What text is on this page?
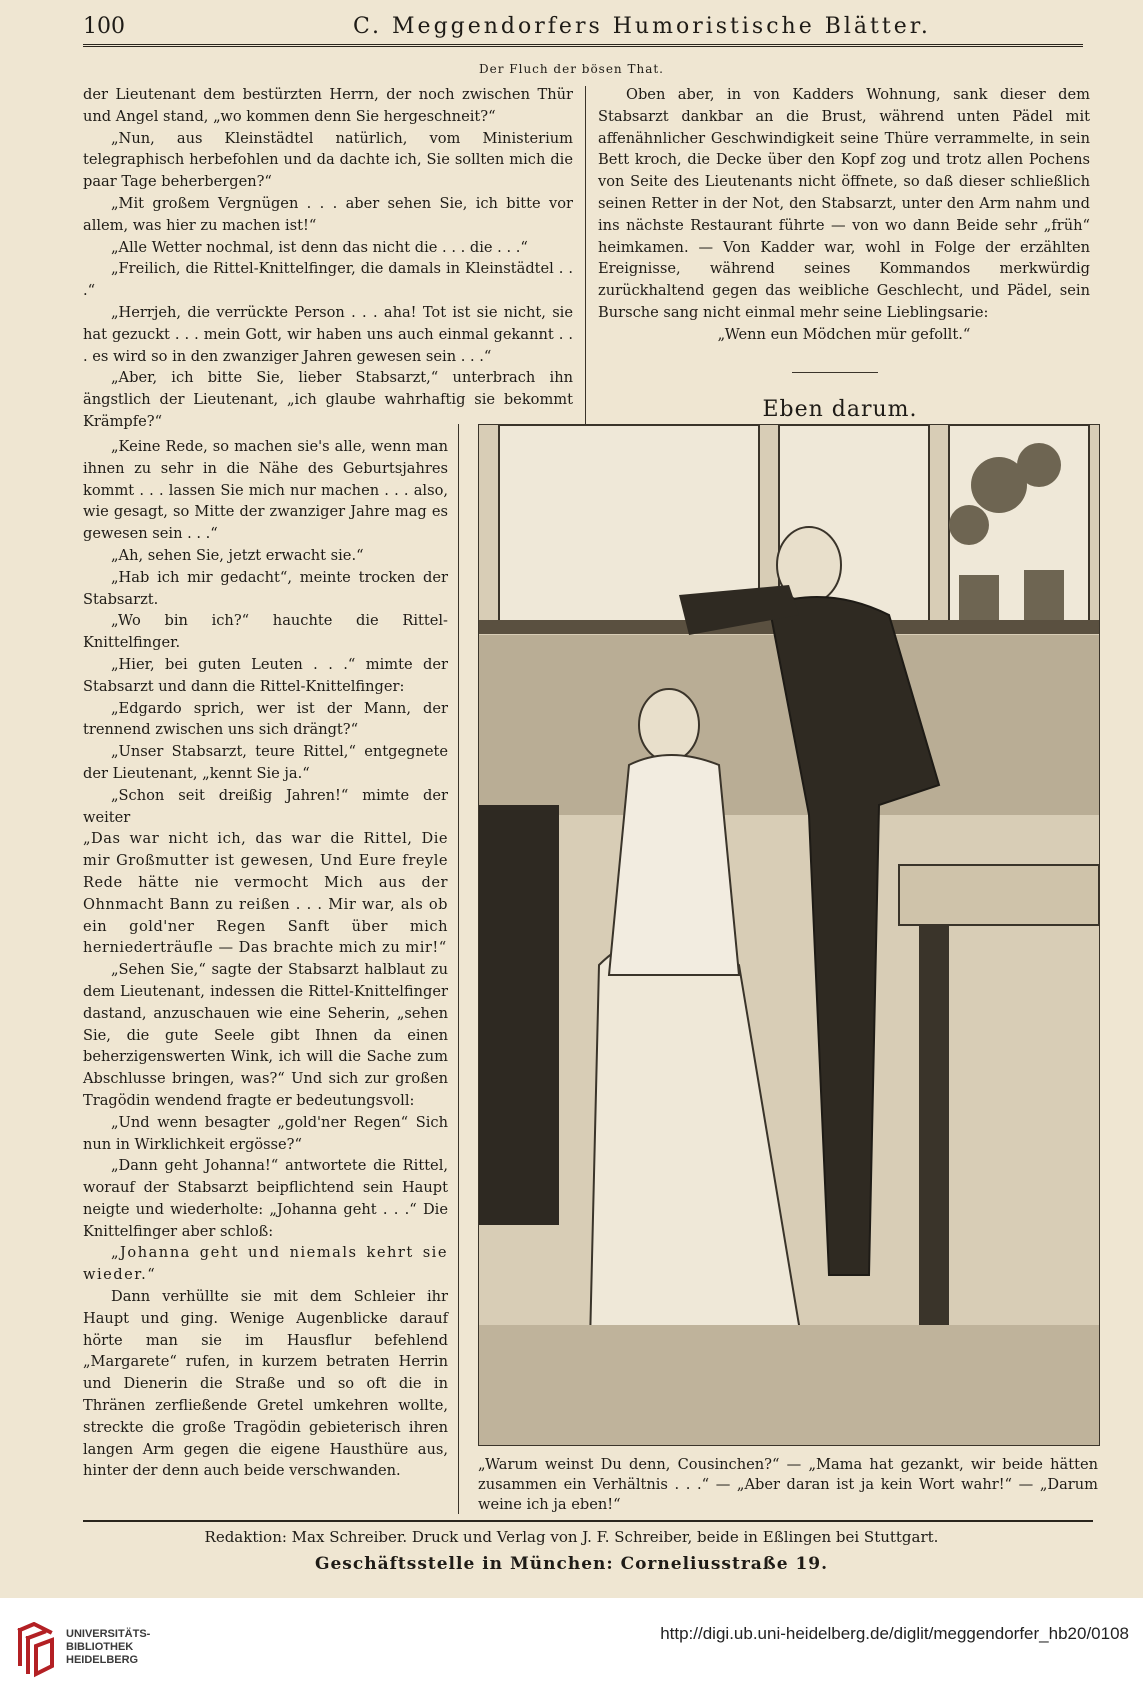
100	C. Meggendorfers Humoristische Blätter.
Der Fluch der bösen That.

der Lieutenant dem bestürzten Herrn, der noch zwischen Thür und Angel stand, „wo kommen denn Sie hergeschneit?“

„Nun, aus Kleinstädtel natürlich, vom Ministerium telegraphisch herbefohlen und da dachte ich, Sie sollten mich die paar Tage beherbergen?“

„Mit großem Vergnügen . . . aber sehen Sie, ich bitte vor allem, was hier zu machen ist!“

„Alle Wetter nochmal, ist denn das nicht die . . . die . . .“

„Freilich, die Rittel-Knittelfinger, die damals in Kleinstädtel . . .“

„Herrjeh, die verrückte Person . . . aha! Tot ist sie nicht, sie hat gezuckt . . . mein Gott, wir haben uns auch einmal gekannt . . . es wird so in den zwanziger Jahren gewesen sein . . .“

„Aber, ich bitte Sie, lieber Stabsarzt,“ unterbrach ihn ängstlich der Lieutenant, „ich glaube wahrhaftig sie bekommt Krämpfe?“

„Keine Rede, so machen sie's alle, wenn man ihnen zu sehr in die Nähe des Geburtsjahres kommt . . . lassen Sie mich nur machen . . . also, wie gesagt, so Mitte der zwanziger Jahre mag es gewesen sein . . .“

„Ah, sehen Sie, jetzt erwacht sie.“

„Hab ich mir gedacht“, meinte trocken der Stabsarzt.

„Wo bin ich?“ hauchte die Rittel-Knittelfinger.

„Hier, bei guten Leuten . . .“ mimte der Stabsarzt und dann die Rittel-Knittelfinger:

„Edgardo sprich, wer ist der Mann, der trennend zwischen uns sich drängt?“

„Unser Stabsarzt, teure Rittel,“ entgegnete der Lieutenant, „kennt Sie ja.“

„Schon seit dreißig Jahren!“ mimte der weiter

„Das war nicht ich, das war die Rittel, Die mir Großmutter ist gewesen, Und Eure freyle Rede hätte nie vermocht Mich aus der Ohnmacht Bann zu reißen . . . Mir war, als ob ein gold'ner Regen Sanft über mich herniederträufle — Das brachte mich zu mir!“

„Sehen Sie,“ sagte der Stabsarzt halblaut zu dem Lieutenant, indessen die Rittel-Knittelfinger dastand, anzuschauen wie eine Seherin, „sehen Sie, die gute Seele gibt Ihnen da einen beherzigenswerten Wink, ich will die Sache zum Abschlusse bringen, was?“ Und sich zur großen Tragödin wendend fragte er bedeutungsvoll:

„Und wenn besagter „gold'ner Regen“ Sich nun in Wirklichkeit ergösse?“

„Dann geht Johanna!“ antwortete die Rittel, worauf der Stabsarzt beipflichtend sein Haupt neigte und wiederholte: „Johanna geht . . .“ Die Knittelfinger aber schloß:

„Johanna geht und niemals kehrt sie wieder.“

Dann verhüllte sie mit dem Schleier ihr Haupt und ging. Wenige Augenblicke darauf hörte man sie im Hausflur befehlend „Margarete“ rufen, in kurzem betraten Herrin und Dienerin die Straße und so oft die in Thränen zerfließende Gretel umkehren wollte, streckte die große Tragödin gebieterisch ihren langen Arm gegen die eigene Hausthüre aus, hinter der denn auch beide verschwanden.

Oben aber, in von Kadders Wohnung, sank dieser dem Stabsarzt dankbar an die Brust, während unten Pädel mit affenähnlicher Geschwindigkeit seine Thüre verrammelte, in sein Bett kroch, die Decke über den Kopf zog und trotz allen Pochens von Seite des Lieutenants nicht öffnete, so daß dieser schließlich seinen Retter in der Not, den Stabsarzt, unter den Arm nahm und ins nächste Restaurant führte — von wo dann Beide sehr „früh“ heimkamen. — Von Kadder war, wohl in Folge der erzählten Ereignisse, während seines Kommandos merkwürdig zurückhaltend gegen das weibliche Geschlecht, und Pädel, sein Bursche sang nicht einmal mehr seine Lieblingsarie:

„Wenn eun Mödchen mür gefollt.“

Eben darum.
„Warum weinst Du denn, Cousinchen?“ — „Mama hat gezankt, wir beide hätten zusammen ein Verhältnis . . .“ — „Aber daran ist ja kein Wort wahr!“ — „Darum weine ich ja eben!“
Redaktion: Max Schreiber. Druck und Verlag von J. F. Schreiber, beide in Eßlingen bei Stuttgart.
Geschäftsstelle in München: Corneliusstraße 19.
UNIVERSITÄTS-
BIBLIOTHEK
HEIDELBERG
http://digi.ub.uni-heidelberg.de/diglit/meggendorfer_hb20/0108
